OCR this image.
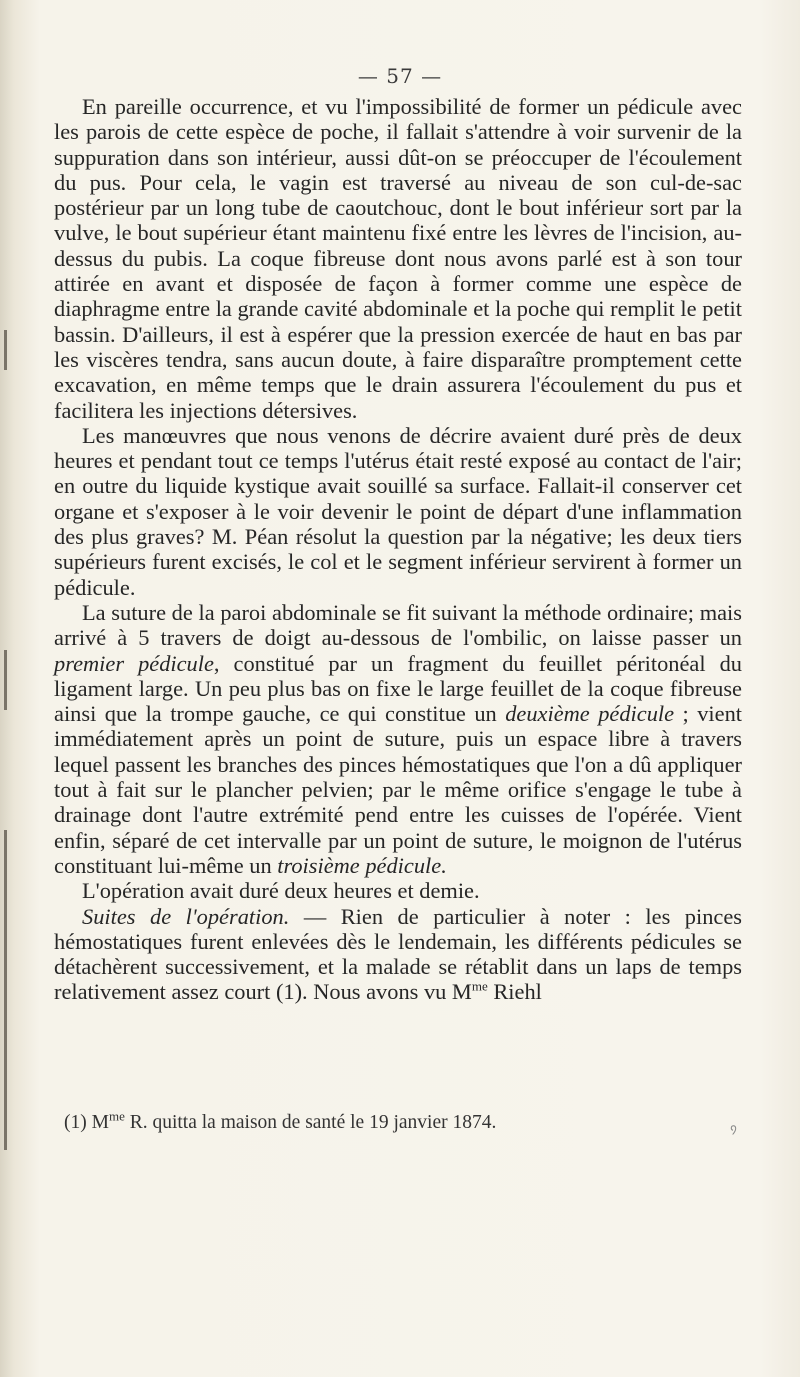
— 57 —

En pareille occurrence, et vu l'impossibilité de former un pédicule avec les parois de cette espèce de poche, il fallait s'attendre à voir survenir de la suppuration dans son intérieur, aussi dût-on se préoccuper de l'écoulement du pus. Pour cela, le vagin est traversé au niveau de son cul-de-sac postérieur par un long tube de caoutchouc, dont le bout inférieur sort par la vulve, le bout supérieur étant maintenu fixé entre les lèvres de l'incision, au-dessus du pubis. La coque fibreuse dont nous avons parlé est à son tour attirée en avant et disposée de façon à former comme une espèce de diaphragme entre la grande cavité abdominale et la poche qui remplit le petit bassin. D'ailleurs, il est à espérer que la pression exercée de haut en bas par les viscères tendra, sans aucun doute, à faire disparaître promptement cette excavation, en même temps que le drain assurera l'écoulement du pus et facilitera les injections détersives.

Les manœuvres que nous venons de décrire avaient duré près de deux heures et pendant tout ce temps l'utérus était resté exposé au contact de l'air; en outre du liquide kystique avait souillé sa surface. Fallait-il conserver cet organe et s'exposer à le voir devenir le point de départ d'une inflammation des plus graves? M. Péan résolut la question par la négative; les deux tiers supérieurs furent excisés, le col et le segment inférieur servirent à former un pédicule.

La suture de la paroi abdominale se fit suivant la méthode ordinaire; mais arrivé à 5 travers de doigt au-dessous de l'ombilic, on laisse passer un premier pédicule, constitué par un fragment du feuillet péritonéal du ligament large. Un peu plus bas on fixe le large feuillet de la coque fibreuse ainsi que la trompe gauche, ce qui constitue un deuxième pédicule ; vient immédiatement après un point de suture, puis un espace libre à travers lequel passent les branches des pinces hémostatiques que l'on a dû appliquer tout à fait sur le plancher pelvien; par le même orifice s'engage le tube à drainage dont l'autre extrémité pend entre les cuisses de l'opérée. Vient enfin, séparé de cet intervalle par un point de suture, le moignon de l'utérus constituant lui-même un troisième pédicule.

L'opération avait duré deux heures et demie.

Suites de l'opération. — Rien de particulier à noter : les pinces hémostatiques furent enlevées dès le lendemain, les différents pédicules se détachèrent successivement, et la malade se rétablit dans un laps de temps relativement assez court (1). Nous avons vu $M^{me}$ Riehl

(1) $M^{me}$ R. quitta la maison de santé le 19 janvier 1874.	᠀
